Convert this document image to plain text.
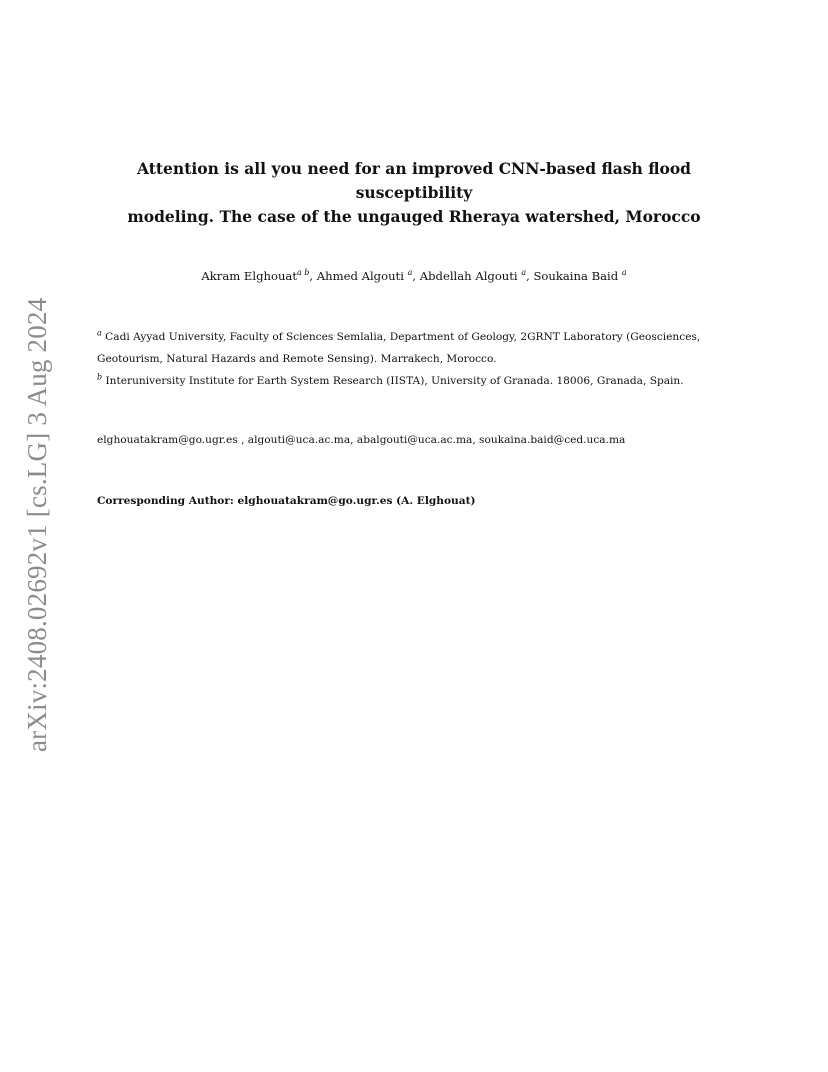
arXiv:2408.02692v1 [cs.LG] 3 Aug 2024
Attention is all you need for an improved CNN-based flash flood susceptibility
modeling. The case of the ungauged Rheraya watershed, Morocco
Akram Elghouat$^{a b}$, Ahmed Algouti $^a$, Abdellah Algouti $^a$, Soukaina Baid $^a$
$^a$ Cadi Ayyad University, Faculty of Sciences Semlalia, Department of Geology, 2GRNT Laboratory (Geosciences,
Geotourism, Natural Hazards and Remote Sensing). Marrakech, Morocco.
$^b$ Interuniversity Institute for Earth System Research (IISTA), University of Granada. 18006, Granada, Spain.
elghouatakram@go.ugr.es , algouti@uca.ac.ma, abalgouti@uca.ac.ma, soukaina.baid@ced.uca.ma
Corresponding Author: elghouatakram@go.ugr.es (A. Elghouat)
